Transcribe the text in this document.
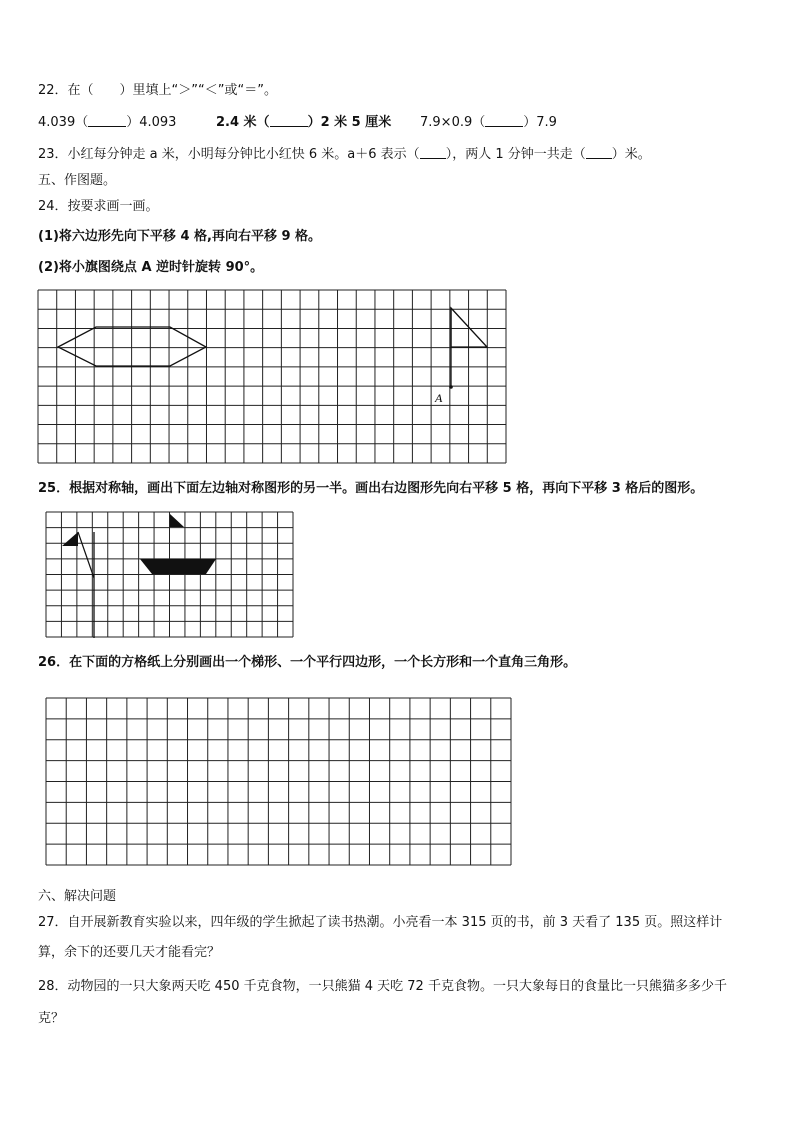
22．在（　　）里填上“＞”“＜”或“＝”。
4.039（	）4.093	2.4 米（	）2 米 5 厘米 7.9×0.9（	）7.9
23．小红每分钟走 a 米，小明每分钟比小红快 6 米。a＋6 表示（ ），两人 1 分钟一共走（ ）米。
五、作图题。
24．按要求画一画。
(1)将六边形先向下平移 4 格,再向右平移 9 格。
(2)将小旗图绕点 A 逆时针旋转 90°。
A
25．根据对称轴，画出下面左边轴对称图形的另一半。画出右边图形先向右平移 5 格，再向下平移 3 格后的图形。
26．在下面的方格纸上分别画出一个梯形、一个平行四边形，一个长方形和一个直角三角形。
六、解决问题
27．自开展新教育实验以来，四年级的学生掀起了读书热潮。小亮看一本 315 页的书，前 3 天看了 135 页。照这样计
算，余下的还要几天才能看完？
28．动物园的一只大象两天吃 450 千克食物，一只熊猫 4 天吃 72 千克食物。一只大象每日的食量比一只熊猫多多少千
克？
